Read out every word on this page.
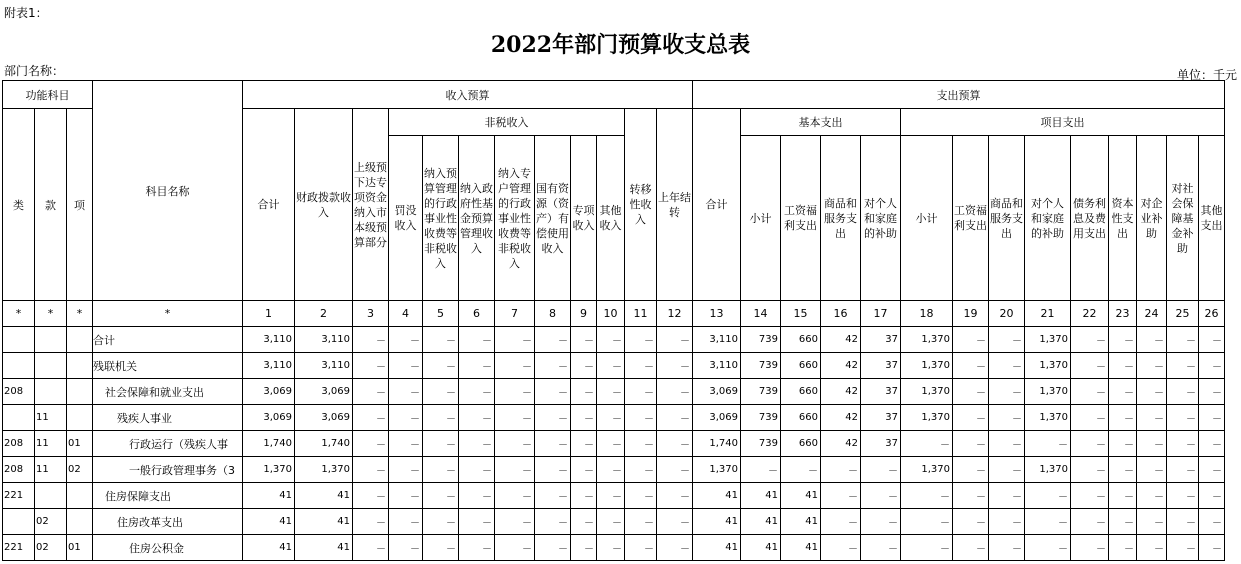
附表1：
2022年部门预算收支总表
部门名称：	单位：千元
功能科目			科目名称	收入预算												支出预算													
类	款	项		合计	财政拨款收入	上级预下达专项资金纳入市本级预算部分	非税收入							转移性收入	上年结转	合计	基本支出				项目支出								
							罚没收入	纳入预算管理的行政事业性收费等非税收入	纳入政府性基金预算管理收入	纳入专户管理的行政事业性收费等非税收入	国有资源（资产）有偿使用收入	专项收入	其他收入				小计	工资福利支出	商品和服务支出	对个人和家庭的补助	小计	工资福利支出	商品和服务支出	对个人和家庭的补助	债务利息及费用支出	资本性支出	对企业补助	对社会保障基金补助	其他支出
*	*	*	*	1	2	3	4	5	6	7	8	9	10	11	12	13	14	15	16	17	18	19	20	21	22	23	24	25	26
			合计	3,110	3,110	－	－	－	－	－	－	－	－	－	－	3,110	739	660	42	37	1,370	－	－	1,370	－	－	－	－	－
			残联机关	3,110	3,110	－	－	－	－	－	－	－	－	－	－	3,110	739	660	42	37	1,370	－	－	1,370	－	－	－	－	－
208			社会保障和就业支出	3,069	3,069	－	－	－	－	－	－	－	－	－	－	3,069	739	660	42	37	1,370	－	－	1,370	－	－	－	－	－
	11		残疾人事业	3,069	3,069	－	－	－	－	－	－	－	－	－	－	3,069	739	660	42	37	1,370	－	－	1,370	－	－	－	－	－
208	11	01	行政运行（残疾人事	1,740	1,740	－	－	－	－	－	－	－	－	－	－	1,740	739	660	42	37	－	－	－	－	－	－	－	－	－
208	11	02	一般行政管理事务（3	1,370	1,370	－	－	－	－	－	－	－	－	－	－	1,370	－	－	－	－	1,370	－	－	1,370	－	－	－	－	－
221			住房保障支出	41	41	－	－	－	－	－	－	－	－	－	－	41	41	41	－	－	－	－	－	－	－	－	－	－	－
	02		住房改革支出	41	41	－	－	－	－	－	－	－	－	－	－	41	41	41	－	－	－	－	－	－	－	－	－	－	－
221	02	01	住房公积金	41	41	－	－	－	－	－	－	－	－	－	－	41	41	41	－	－	－	－	－	－	－	－	－	－	－
